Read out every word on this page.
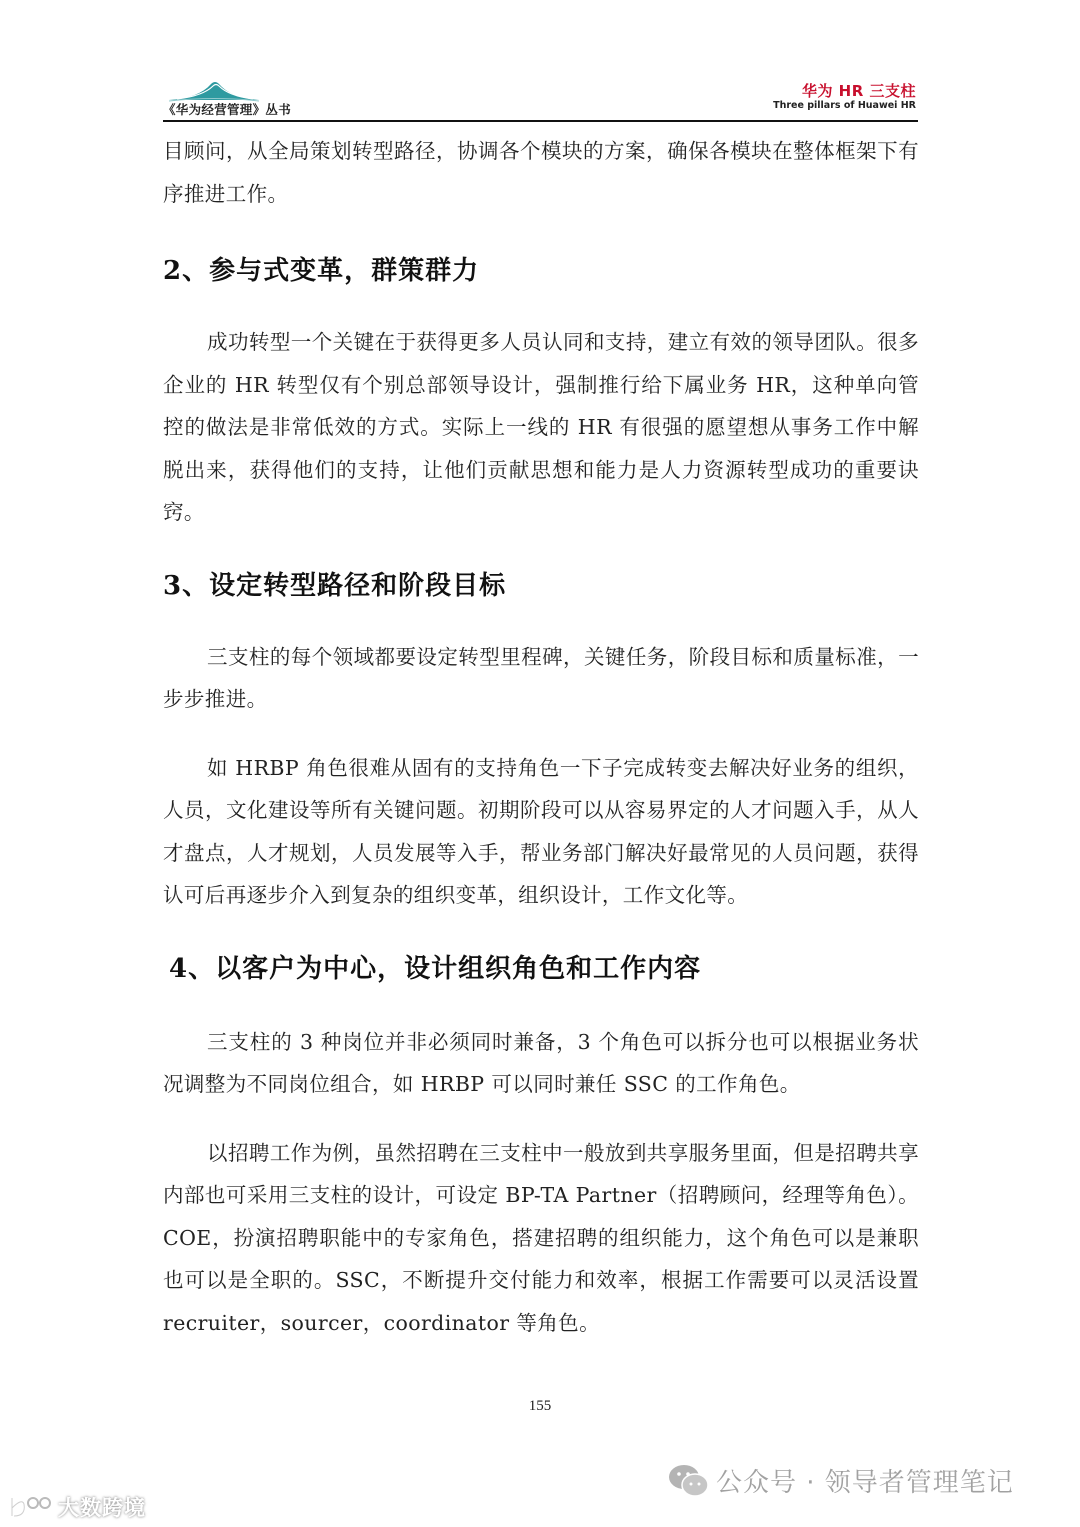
《华为经营管理》丛书
华为 HR 三支柱
Three pillars of Huawei HR

目顾问，从全局策划转型路径，协调各个模块的方案，确保各模块在整体框架下有序推进工作。

2、参与式变革，群策群力

成功转型一个关键在于获得更多人员认同和支持，建立有效的领导团队。很多企业的 HR 转型仅有个别总部领导设计，强制推行给下属业务 HR，这种单向管控的做法是非常低效的方式。实际上一线的 HR 有很强的愿望想从事务工作中解脱出来，获得他们的支持，让他们贡献思想和能力是人力资源转型成功的重要诀窍。

3、设定转型路径和阶段目标

三支柱的每个领域都要设定转型里程碑，关键任务，阶段目标和质量标准，一步步推进。

如 HRBP 角色很难从固有的支持角色一下子完成转变去解决好业务的组织，人员，文化建设等所有关键问题。初期阶段可以从容易界定的人才问题入手，从人才盘点，人才规划，人员发展等入手，帮业务部门解决好最常见的人员问题，获得认可后再逐步介入到复杂的组织变革，组织设计，工作文化等。

4、以客户为中心，设计组织角色和工作内容

三支柱的 3 种岗位并非必须同时兼备，3 个角色可以拆分也可以根据业务状况调整为不同岗位组合，如 HRBP 可以同时兼任 SSC 的工作角色。

以招聘工作为例，虽然招聘在三支柱中一般放到共享服务里面，但是招聘共享内部也可采用三支柱的设计，可设定 BP-TA Partner（招聘顾问，经理等角色）。COE，扮演招聘职能中的专家角色，搭建招聘的组织能力，这个角色可以是兼职也可以是全职的。SSC，不断提升交付能力和效率，根据工作需要可以灵活设置 recruiter，sourcer，coordinator 等角色。

155
公众号 · 领导者管理笔记
大数跨境
